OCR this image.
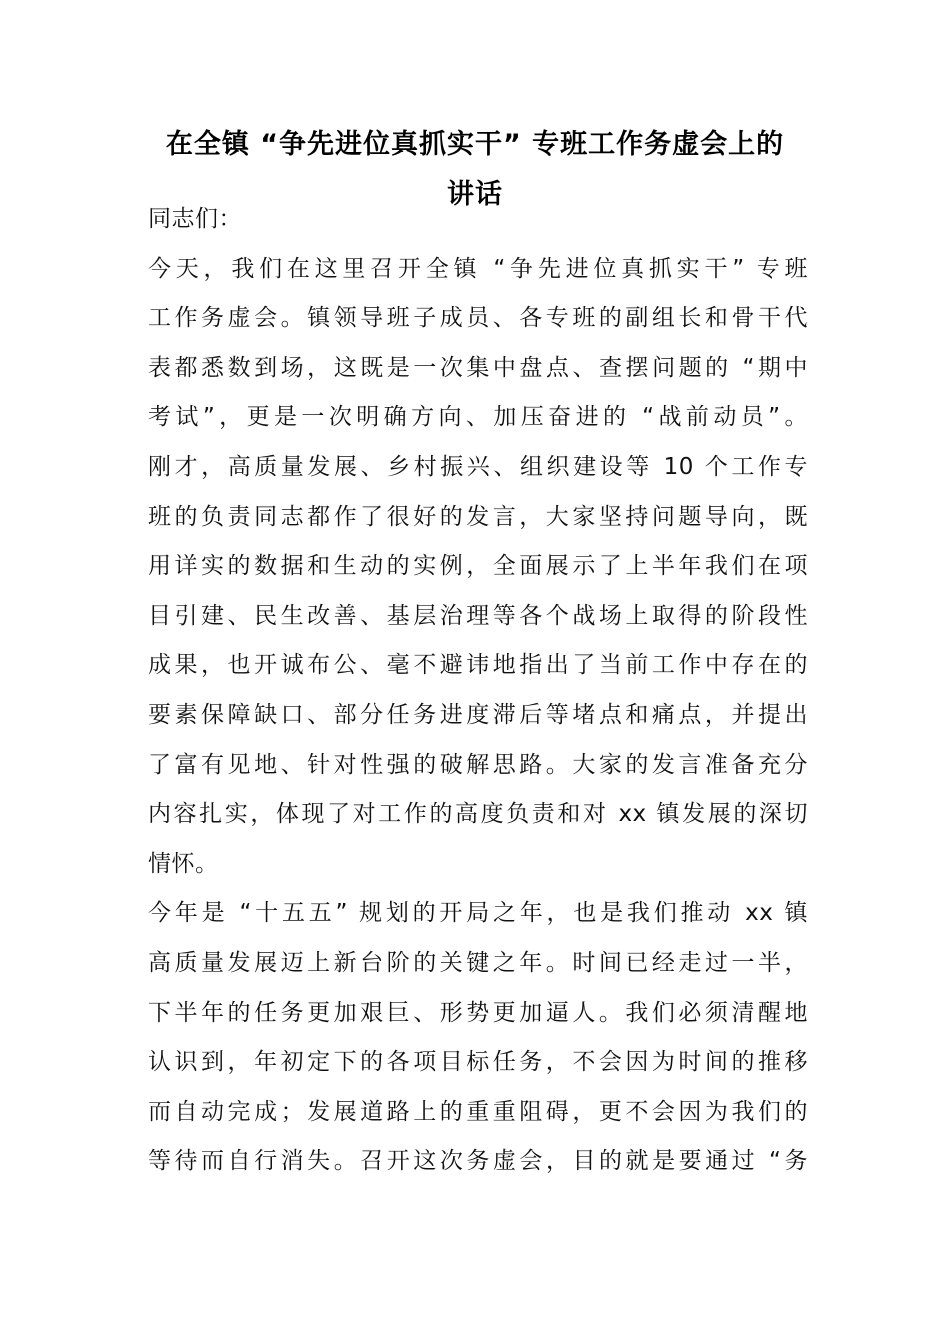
在全镇 “争先进位真抓实干” 专班工作务虚会上的
讲话
同志们：
今天，我们在这里召开全镇 “争先进位真抓实干” 专班
工作务虚会。镇领导班子成员、各专班的副组长和骨干代
表都悉数到场，这既是一次集中盘点、查摆问题的 “期中
考试”，更是一次明确方向、加压奋进的 “战前动员”。
刚才，高质量发展、乡村振兴、组织建设等 10 个工作专
班的负责同志都作了很好的发言，大家坚持问题导向，既
用详实的数据和生动的实例，全面展示了上半年我们在项
目引建、民生改善、基层治理等各个战场上取得的阶段性
成果，也开诚布公、毫不避讳地指出了当前工作中存在的
要素保障缺口、部分任务进度滞后等堵点和痛点，并提出
了富有见地、针对性强的破解思路。大家的发言准备充分
内容扎实，体现了对工作的高度负责和对 xx 镇发展的深切
情怀。
今年是 “十五五” 规划的开局之年，也是我们推动 xx 镇
高质量发展迈上新台阶的关键之年。时间已经走过一半，
下半年的任务更加艰巨、形势更加逼人。我们必须清醒地
认识到，年初定下的各项目标任务，不会因为时间的推移
而自动完成；发展道路上的重重阻碍，更不会因为我们的
等待而自行消失。召开这次务虚会，目的就是要通过 “务
